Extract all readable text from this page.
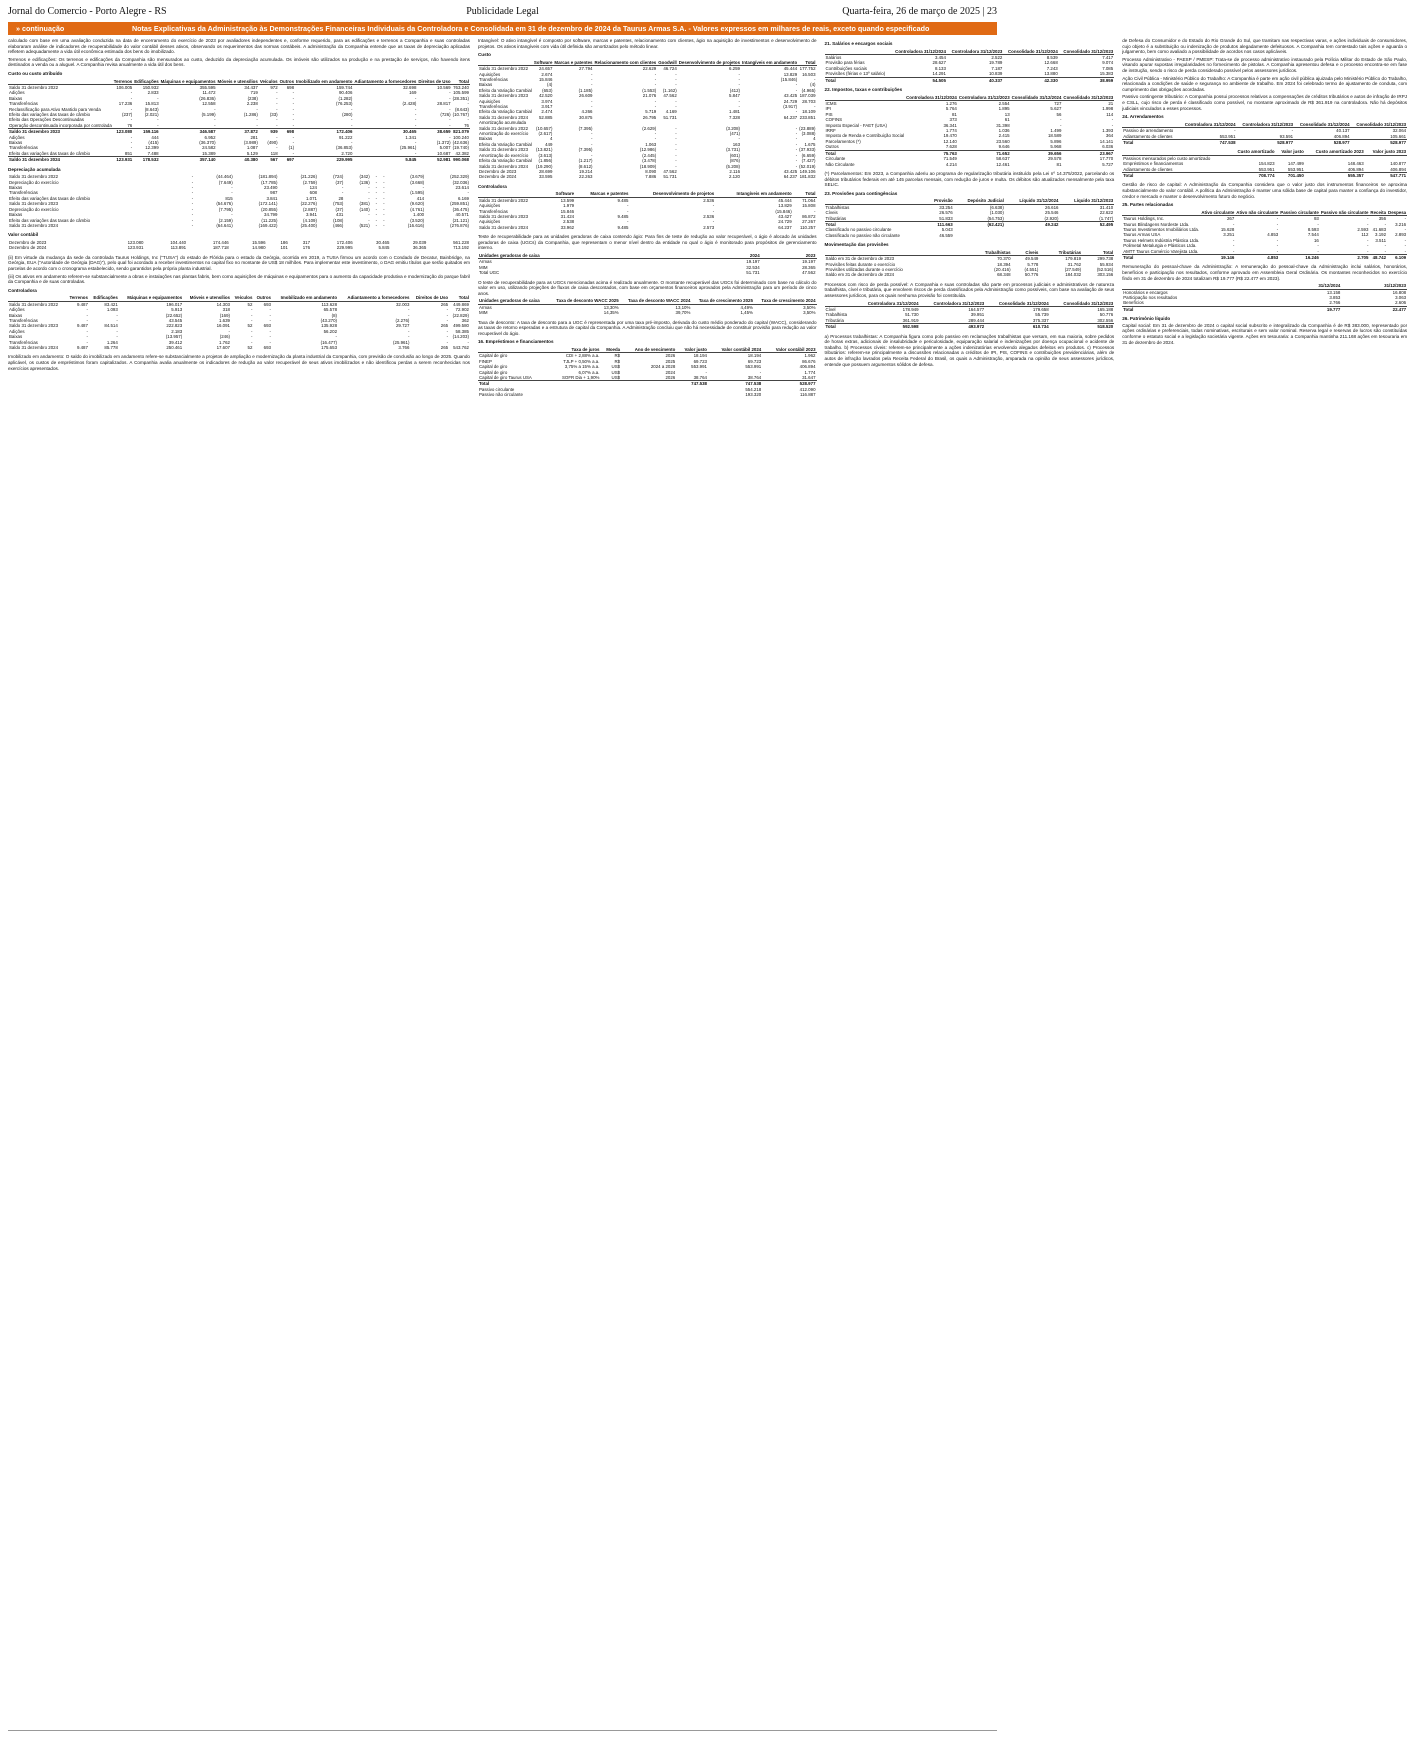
Jornal do Comercio - Porto Alegre - RS	Publicidade Legal	Quarta-feira, 26 de março de 2025 | 23
» continuação	Notas Explicativas da Administração às Demonstrações Financeiras Individuais da Controladora e Consolidada em 31 de dezembro de 2024 da Taurus Armas S.A. - Valores expressos em milhares de reais, exceto quando especificado

calculado com base em uma avaliação conduzida na data de encerramento do exercício de 2023 por avaliadores independentes e, conforme requerido, para as edificações e terrenos a Companhia e suas controladas elaboraram análise de indicadores de recuperabilidade do valor contábil desses ativos, observando os requerimentos das normas contábeis. A administração da Companhia entende que as taxas de depreciação aplicadas refletem adequadamente a vida útil econômica estimada dos bens do imobilizado.

Terrenos e edificações: Os terrenos e edificações da Companhia são mensurados ao custo, deduzido da depreciação acumulada. Os imóveis são utilizados na produção e na prestação de serviços, não havendo itens destinados a venda ou a aluguel. A Companhia revisa anualmente a vida útil dos bens.

Custo ou custo atribuído
	Terrenos	Edificações	Máquinas e equipamentos	Móveis e utensílios	Veículos	Outros	Imobilizado em andamento	Adiantamento a fornecedores	Direitos de Uso	Total
Saldo 31 dezembro 2022	106.005	150.932	355.595	34.437	972	698	159.744	32.698	10.569	763.240
Adições	-	2.833	11.472	719	-	-	90.406	169	-	105.599
Baixas	-	-	(26.836)	(238)	-	-	(1.282)	-	-	(28.351)
Transferências	17.236	15.813	12.558	2.238	-	-	(76.253)	(2.428)	28.817	-
Reclassificação para Ativo Mantido para Venda	-	(8.643)	-	-	-	-	-	-	-	(8.643)
Efeito das variações das taxas de câmbio	(237)	(2.021)	(5.199)	(1.286)	(33)	-	(280)	-	(726)	(10.767)
Efeito das Operações Descontinuadas	-	-	-	-	-	-	-	-	-	-
Operação descontinuada incorporada por controlada	76	-	-	-	-	-	-	-	-	76
Saldo 31 dezembro 2023	123.080	159.116	346.587	37.872	939	698	172.406	30.465	38.659	821.079
Adições	-	444	6.952	281	-	-	91.222	1.341	-	100.240
Baixas	-	(415)	(36.370)	(3.989)	(490)	-	-	-	(1.372)	(42.636)
Transferências	-	12.399	24.582	1.087	-	(1)	(36.853)	(25.961)	5.007	(19.740)
Efeito das variações das taxas de câmbio	851	7.488	15.389	5.129	118	-	2.720	-	10.687	42.382
Saldo 31 dezembro 2024	123.931	178.532	357.140	40.380	567	697	229.995	5.845	52.981	990.068
Depreciação acumulada
Saldo 31 dezembro 2022	-	(44.464)	(181.894)	(21.226)	(724)	(342)	-	-	(3.679)	(252.329)
Depreciação do exercício	-	(7.649)	(17.785)	(2.759)	(37)	(136)	-	-	(3.668)	(32.036)
Baixas	-	-	23.490	124	-	-	-	-	-	23.614
Transferências	-	-	987	608	-	-	-	-	(1.595)	-
Efeito das variações das taxas de câmbio	-	815	3.841	1.071	28	-	-	-	414	6.169
Saldo 31 dezembro 2023	-	(54.676)	(172.141)	(22.276)	(753)	(381)	-	-	(9.620)	(259.851)
Depreciação do exercício	-	(7.795)	(20.855)	(2.887)	(37)	(140)	-	-	(4.761)	(36.475)
Baixas	-	-	34.799	3.941	431	-	-	-	1.400	40.571
Efeito das variações das taxas de câmbio	-	(2.159)	(11.225)	(4.109)	(108)	-	-	-	(3.520)	(21.121)
Saldo 31 dezembro 2024	-	(64.641)	(169.422)	(25.400)	(466)	(521)	-	-	(16.616)	(276.876)
Valor contábil
Dezembro de 2023	123.080	104.440	174.446	15.596	186	317	172.406	30.465	29.039	561.228
Dezembro de 2024	123.931	113.891	187.718	14.980	101	176	229.995	5.845	36.365	713.192

(ii) Em virtude da mudança da sede da controlada Taurus Holdings, Inc ("TUSA") do estado de Flórida para o estado da Geórgia, ocorrida em 2019, a TUSA firmou um acordo com o Condado de Decatur, Bainbridge, na Geórgia, EUA ("Autoridade de Geórgia (DAG)"), pelo qual foi acordado a receber investimentos no capital fixo no montante de US$ 18 milhões. Para implementar este investimento, o DAG emitiu títulos que serão quitados em parcelas de acordo com o cronograma estabelecido, sendo garantidos pela própria planta industrial.

(iii) Os ativos em andamento referem-se substancialmente a obras e instalações nas plantas fabris, bem como aquisições de máquinas e equipamentos para o aumento da capacidade produtiva e modernização do parque fabril da Companhia e de suas controladas.

Controladora
	Terrenos	Edificações	Máquinas e equipamentos	Móveis e utensílios	Veículos	Outros	Imobilizado em andamento	Adiantamento a fornecedores	Direitos de Uso	Total
Saldo 31 dezembro 2022	9.487	83.421	196.017	14.303	52	693	113.628	32.003	265	449.869
Adições	-	1.093	5.913	318	-	-	65.578	-	-	72.902
Baixas	-	-	(22.652)	(169)	-	-	(8)	-	-	(22.829)
Transferências	-	-	43.545	1.639	-	-	(43.270)	(2.276)	-	362
Saldo 31 dezembro 2023	9.487	84.514	222.823	16.091	52	693	135.928	29.727	265	499.580
Adições	-	-	2.183	-	-	-	56.202	-	-	58.385
Baixas	-	-	(13.957)	(246)	-	-	-	-	-	(14.203)
Transferências	-	1.264	39.412	1.762	-	-	(16.477)	(25.961)	-	-
Saldo 31 dezembro 2024	9.487	85.778	250.461	17.607	52	693	175.653	3.766	265	543.762

Imobilizado em andamento: O saldo do imobilizado em andamento refere-se substancialmente a projetos de ampliação e modernização da planta industrial da Companhia, com previsão de conclusão ao longo de 2025. Quando aplicável, os custos de empréstimos foram capitalizados. A Companhia avalia anualmente os indicadores de redução ao valor recuperável de seus ativos imobilizados e não identificou perdas a serem reconhecidas nos exercícios apresentados.

Intangível: O ativo intangível é composto por software, marcas e patentes, relacionamento com clientes, ágio na aquisição de investimentos e desenvolvimento de projetos. Os ativos intangíveis com vida útil definida são amortizados pelo método linear.

Custo
	Software	Marcas e patentes	Relacionamento com clientes	Goodwill	Desenvolvimento de projetos	Intangíveis em andamento	Total
Saldo 31 dezembro 2022	24.657	27.794	22.629	46.724	6.259	45.444	177.752
Aquisições	2.674	-	-	-	-	13.829	16.503
Transferências	15.846	-	-	-	-	(15.846)	-
Baixas	(4)	-	-	-	-	-	(4)
Efeito da Variação Cambial	(653)	(1.185)	(1.553)	(1.162)	(412)	-	(4.965)
Saldo 31 dezembro 2023	42.520	26.609	21.076	47.562	5.847	43.425	187.039
Aquisições	3.974	-	-	-	-	24.729	28.703
Transferências	3.917	-	-	-	-	(3.917)	-
Efeito da Variação Cambial	2.474	4.266	5.719	4.169	1.481	-	18.109
Saldo 31 dezembro 2024	52.885	30.875	26.795	51.731	7.328	64.237	233.851
Amortização acumulada							
Saldo 31 dezembro 2022	(10.657)	(7.395)	(2.629)	-	(3.208)	-	(23.889)
Amortização do exercício	(2.617)	-	-	-	(471)	-	(3.088)
Baixas	4	-	-	-	-	-	4
Efeito da Variação Cambial	449	-	1.063	-	163	-	1.675
Saldo 31 dezembro 2023	(13.821)	(7.395)	(12.986)	-	(3.731)	-	(37.933)
Amortização do exercício	(3.613)	-	(2.445)	-	(601)	-	(6.659)
Efeito da Variação Cambial	(1.856)	(1.217)	(3.478)	-	(876)	-	(7.427)
Saldo 31 dezembro 2024	(19.290)	(8.612)	(18.909)	-	(5.208)	-	(52.019)
Dezembro de 2023	28.699	19.214	8.090	47.562	2.116	43.425	149.106
Dezembro de 2024	33.595	22.263	7.886	51.731	2.120	64.237	181.832
Controladora
	Software	Marcas e patentes	Desenvolvimento de projetos	Intangíveis em andamento	Total
Saldo 31 dezembro 2022	13.599	9.485	2.536	45.444	71.064
Aquisições	1.979	-	-	13.829	15.808
Transferências	15.846	-	-	(15.846)	-
Saldo 31 dezembro 2023	31.424	9.485	2.536	43.427	86.872
Aquisições	2.538	-	-	24.729	27.267
Saldo 31 dezembro 2024	33.962	9.485	2.573	64.237	110.257

Teste de recuperabilidade para as unidades geradoras de caixa contendo ágio: Para fins de teste de redução ao valor recuperável, o ágio é alocado às unidades geradoras de caixa (UGCs) da Companhia, que representam o menor nível dentro da entidade no qual o ágio é monitorado para propósitos de gerenciamento interno.

Unidades geradoras de caixa	2024	2023
Armas	19.197	19.197
MIM	32.534	28.365
Total UGC	51.731	47.562

O teste de recuperabilidade para as UGCs mencionadas acima é realizado anualmente. O montante recuperável das UGCs foi determinado com base no cálculo do valor em uso, utilizando projeções de fluxos de caixa descontados, com base em orçamentos financeiros aprovados pela Administração para um período de cinco anos.

Unidades geradoras de caixa	Taxa de desconto WACC 2025	Taxa de desconto WACC 2024	Taxa de crescimento 2025	Taxa de crescimento 2024
Armas	13,30%	13,10%	4,49%	3,50%
MIM	14,35%	39,70%	1,45%	3,50%

Taxa de desconto: A taxa de desconto para a UGC é representada por uma taxa pré-imposto, derivada do custo médio ponderado do capital (WACC), considerando as taxas de retorno esperadas e a estrutura de capital da Companhia. A Administração concluiu que não há necessidade de constituir provisão para redução ao valor recuperável do ágio.

16. Empréstimos e financiamentos
	Taxa de juros	Moeda	Ano de vencimento	Valor justo	Valor contábil 2024	Valor contábil 2023
Capital de giro	CDI + 2,88% a.a.	R$	2026	18.194	18.194	1.962
FINEP	TJLP + 0,50% a.a.	R$	2025	69.723	69.723	86.676
Capital de giro	3,75% a 15% a.a.	US$	2024 a 2028	553.991	553.991	406.894
Capital de giro	6,07% a.a.	US$	2024	-	-	1.774
Capital de giro Taurus USA	SOFR Dia + 1,90%	US$	2026	38.764	38.764	31.647
Total				747.538	747.538	528.977
Passivo circulante					554.218	412.090
Passivo não circulante					193.320	116.887
21. Salários e encargos sociais
	Controladora 31/12/2024	Controladora 31/12/2023	Consolidado 31/12/2024	Consolidado 31/12/2023
Salários	3.454	2.522	8.539	7.417
Provisão para férias	28.627	19.789	12.668	9.074
Contribuições sociais	8.133	7.187	7.243	7.085
Provisões (férias e 13º salário)	14.291	10.839	13.880	15.383
Total	54.505	40.337	42.330	38.959
22. Impostos, taxas e contribuições
	Controladora 31/12/2024	Controladora 31/12/2023	Consolidado 31/12/2024	Consolidado 31/12/2023
ICMS	1.276	2.554	727	21
IPI	5.764	1.895	5.627	1.998
PIS	81	13	56	114
COFINS	373	61	-	-
Imposto Especial - FAET (USA)	36.341	31.398	-	-
IRRF	1.774	1.036	1.499	1.393
Imposto de Renda e Contribuição Social	19.470	2.415	18.589	364
Parcelamentos (*)	12.140	23.560	5.896	14.141
Outros	7.628	9.646	5.968	6.036
Total	75.763	71.652	39.656	23.967
Circulante	71.549	58.637	29.578	17.770
Não Circulante	4.214	12.461	81	5.727

(*) Parcelamentos: Em 2023, a Companhia aderiu ao programa de regularização tributária instituído pela Lei nº 14.375/2022, parcelando os débitos tributários federais em até 145 parcelas mensais, com redução de juros e multa. Os débitos são atualizados mensalmente pela taxa SELIC.

23. Provisões para contingências
	Provisão	Depósito Judicial	Líquido 31/12/2024	Líquido 31/12/2023
Trabalhistas	33.254	(6.638)	26.616	31.410
Cíveis	26.576	(1.030)	25.546	22.622
Tributárias	51.833	(54.753)	(2.920)	(1.747)
Total	111.663	(62.421)	49.242	52.495
Classificado no passivo circulante	5.043			
Classificado no passivo não circulante	46.559			
Movimentação das provisões
	Trabalhistas	Cíveis	Tributárias	Total
Saldo em 31 de dezembro de 2023	70.370	49.549	179.819	299.738
Provisões feitas durante o exercício	18.394	5.778	31.762	55.934
Provisões utilizadas durante o exercício	(20.416)	(4.551)	(27.549)	(52.516)
Saldo em 31 de dezembro de 2024	68.348	50.776	184.032	303.156

Processos com risco de perda possível: A Companhia e suas controladas são parte em processos judiciais e administrativos de natureza trabalhista, cível e tributária, que envolvem riscos de perda classificados pela Administração como possíveis, com base na avaliação de seus assessores jurídicos, para os quais nenhuma provisão foi constituída.

	Controladora 31/12/2024	Controladora 31/12/2023	Consolidado 31/12/2024	Consolidado 31/12/2023
Cível	178.949	164.577	179.658	165.188
Trabalhista	51.730	39.951	55.739	50.776
Tributária	361.919	289.444	375.337	302.556
Total	592.598	493.972	610.734	518.520

a) Processos trabalhistas: A Companhia figura como polo passivo em reclamações trabalhistas que versam, em sua maioria, sobre pedidos de horas extras, adicionais de insalubridade e periculosidade, equiparação salarial e indenizações por doença ocupacional e acidente de trabalho. b) Processos cíveis: referem-se principalmente a ações indenizatórias envolvendo alegados defeitos em produtos. c) Processos tributários: referem-se principalmente a discussões relacionadas a créditos de IPI, PIS, COFINS e contribuições previdenciárias, além de autos de infração lavrados pela Receita Federal do Brasil, os quais a Administração, amparada na opinião de seus assessores jurídicos, entende que possuem argumentos sólidos de defesa.

de Defesa do Consumidor e do Estado do Rio Grande do Sul, que tramitam nas respectivas varas, e ações individuais de consumidores, cujo objeto é a substituição ou indenização de produtos alegadamente defeituosos. A Companhia tem contestado tais ações e aguarda o julgamento, bem como avaliado a possibilidade de acordos nos casos aplicáveis.

Processo Administrativo - PAESP / PMESP: Trata-se de processo administrativo instaurado pela Polícia Militar do Estado de São Paulo, visando apurar supostas irregularidades no fornecimento de pistolas. A Companhia apresentou defesa e o processo encontra-se em fase de instrução, sendo o risco de perda considerado possível pelos assessores jurídicos.

Ação Civil Pública - Ministério Público do Trabalho: A Companhia é parte em ação civil pública ajuizada pelo Ministério Público do Trabalho, relacionada a condições de saúde e segurança no ambiente de trabalho. Em 2024 foi celebrado termo de ajustamento de conduta, com cumprimento das obrigações acordadas.

Passivo contingente tributário: A Companhia possui processos relativos a compensações de créditos tributários e autos de infração de IRPJ e CSLL, cujo risco de perda é classificado como possível, no montante aproximado de R$ 361.919 na controladora. Não há depósitos judiciais vinculados a esses processos.

24. Arrendamentos
	Controladora 31/12/2024	Controladora 31/12/2023	Consolidado 31/12/2024	Consolidado 31/12/2023
Passivo de arrendamento	-	-	40.137	32.064
Adiantamento de clientes	553.951	93.591	406.894	105.661
Total	747.538	528.977	528.977	528.977
	Custo amortizado	Valor justo	Custo amortizado 2023	Valor justo 2023
Passivos mensurados pelo custo amortizado				
Empréstimos e financiamentos	154.823	147.499	148.463	140.877
Adiantamento de clientes	553.951	553.951	406.894	406.894
Total	708.774	701.450	555.357	547.771

Gestão de risco de capital: A Administração da Companhia considera que o valor justo dos instrumentos financeiros se aproxima substancialmente do valor contábil. A política da Administração é manter uma sólida base de capital para manter a confiança do investidor, credor e mercado e manter o desenvolvimento futuro do negócio.

25. Partes relacionadas
	Ativo circulante	Ativo não circulante	Passivo circulante	Passivo não circulante	Receita	Despesa
Taurus Holdings, Inc.	267	-	93	-	356	-
Taurus Blindagens Nordeste Ltda.	-	-	-	-	-	3.216
Taurus Investimentos Imobiliários Ltda.	15.628	-	8.593	2.593	41.683	-
Taurus Armas USA	3.251	4.853	7.544	112	3.192	2.893
Taurus Helmets Indústria Plástica Ltda.	-	-	16	-	3.511	-
Polimetal Metalurgia e Plásticos Ltda.	-	-	-	-	-	-
AMTT Taurus Comércio Varejista Ltda.	-	-	-	-	-	-
Total	19.146	4.853	16.246	2.705	48.742	6.109

Remuneração do pessoal-chave da Administração: A remuneração do pessoal-chave da Administração inclui salários, honorários, benefícios e participação nos resultados, conforme aprovado em Assembleia Geral Ordinária. Os montantes reconhecidos no exercício findo em 31 de dezembro de 2024 totalizam R$ 19.777 (R$ 22.477 em 2023).

	31/12/2024	31/12/2023
Honorários e encargos	13.158	16.808
Participação nos resultados	3.853	3.063
Benefícios	2.766	2.606
Total	19.777	22.477
26. Patrimônio líquido

Capital social: Em 31 de dezembro de 2024 o capital social subscrito e integralizado da Companhia é de R$ 383.000, representado por ações ordinárias e preferenciais, todas nominativas, escriturais e sem valor nominal. Reserva legal e reservas de lucros são constituídas conforme o estatuto social e a legislação societária vigente. Ações em tesouraria: a Companhia mantinha 211.168 ações em tesouraria em 31 de dezembro de 2024.
